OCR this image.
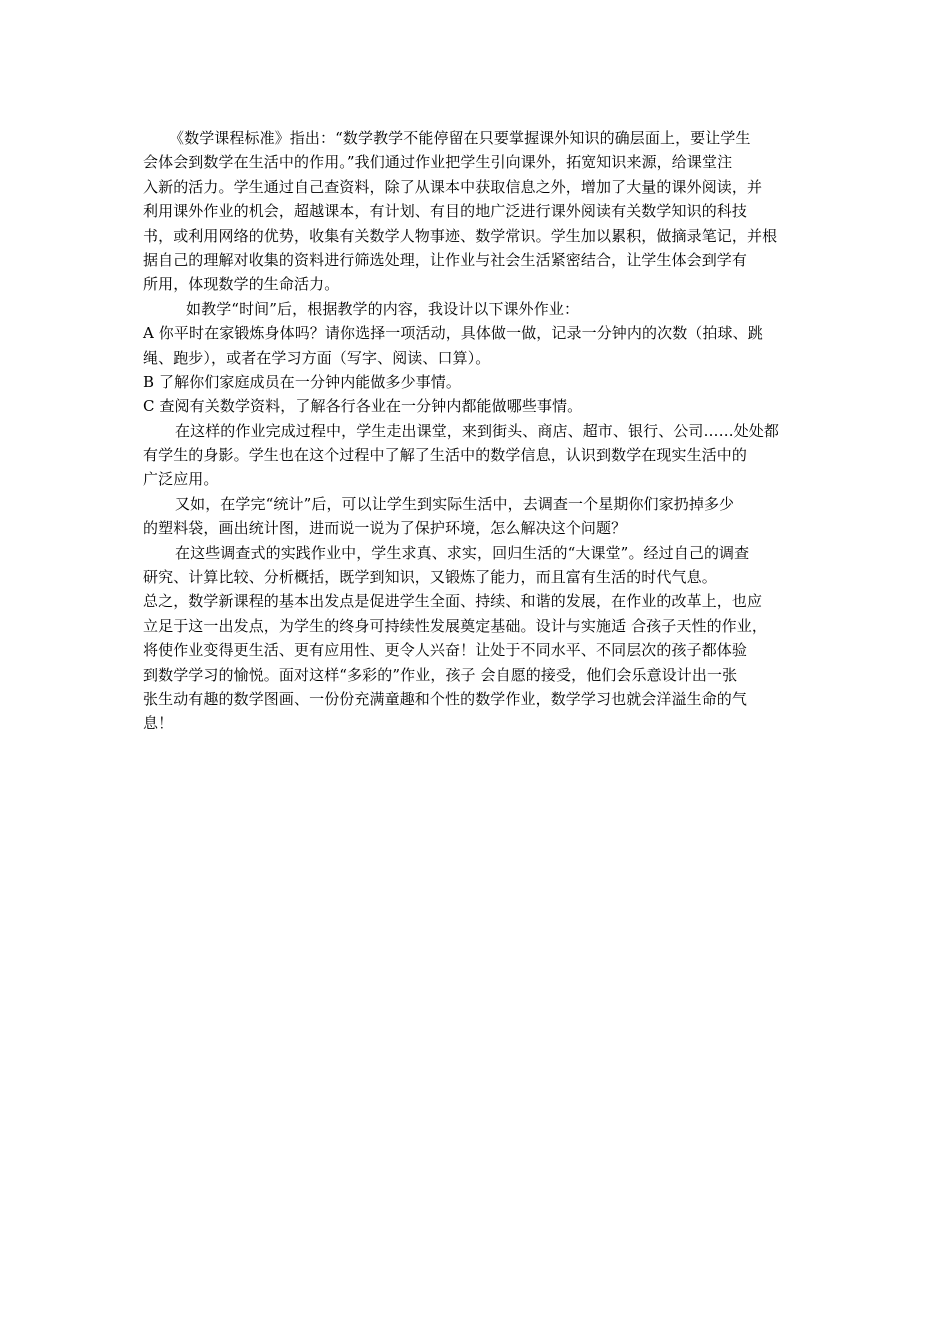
《数学课程标准》指出：“数学教学不能停留在只要掌握课外知识的确层面上，要让学生
会体会到数学在生活中的作用。”我们通过作业把学生引向课外，拓宽知识来源，给课堂注
入新的活力。学生通过自己查资料，除了从课本中获取信息之外，增加了大量的课外阅读，并
利用课外作业的机会，超越课本，有计划、有目的地广泛进行课外阅读有关数学知识的科技
书，或利用网络的优势，收集有关数学人物事迹、数学常识。学生加以累积，做摘录笔记，并根
据自己的理解对收集的资料进行筛选处理，让作业与社会生活紧密结合，让学生体会到学有
所用，体现数学的生命活力。
如教学“时间”后，根据教学的内容，我设计以下课外作业：
A 你平时在家锻炼身体吗？请你选择一项活动，具体做一做，记录一分钟内的次数（拍球、跳
绳、跑步），或者在学习方面（写字、阅读、口算）。
B 了解你们家庭成员在一分钟内能做多少事情。
C 查阅有关数学资料，了解各行各业在一分钟内都能做哪些事情。
在这样的作业完成过程中，学生走出课堂，来到街头、商店、超市、银行、公司……处处都
有学生的身影。学生也在这个过程中了解了生活中的数学信息，认识到数学在现实生活中的
广泛应用。
又如，在学完“统计”后，可以让学生到实际生活中，去调查一个星期你们家扔掉多少
的塑料袋，画出统计图，进而说一说为了保护环境，怎么解决这个问题？
在这些调查式的实践作业中，学生求真、求实，回归生活的“大课堂”。经过自己的调查
研究、计算比较、分析概括，既学到知识，又锻炼了能力，而且富有生活的时代气息。
总之，数学新课程的基本出发点是促进学生全面、持续、和谐的发展，在作业的改革上，也应
立足于这一出发点，为学生的终身可持续性发展奠定基础。设计与实施适 合孩子天性的作业，
将使作业变得更生活、更有应用性、更令人兴奋！让处于不同水平、不同层次的孩子都体验
到数学学习的愉悦。面对这样“多彩的”作业，孩子 会自愿的接受，他们会乐意设计出一张
张生动有趣的数学图画、一份份充满童趣和个性的数学作业，数学学习也就会洋溢生命的气
息！
